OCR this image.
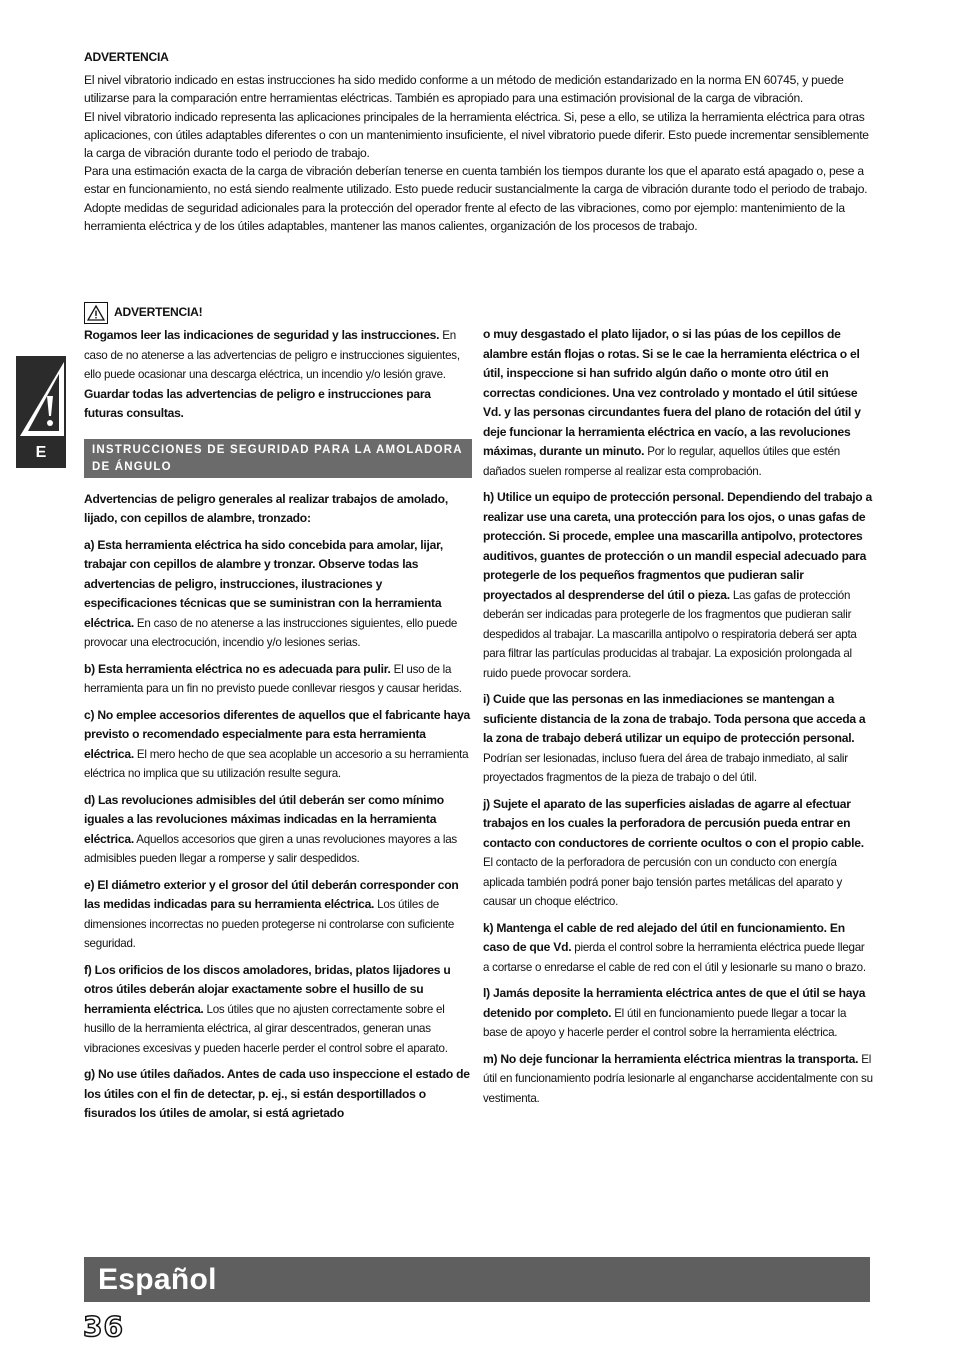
ADVERTENCIA

El nivel vibratorio indicado en estas instrucciones ha sido medido conforme a un método de medición estandarizado en la norma EN 60745, y puede utilizarse para la comparación entre herramientas eléctricas. También es apropiado para una estimación provisional de la carga de vibración.

El nivel vibratorio indicado representa las aplicaciones principales de la herramienta eléctrica. Si, pese a ello, se utiliza la herramienta eléctrica para otras aplicaciones, con útiles adaptables diferentes o con un mantenimiento insuficiente, el nivel vibratorio puede diferir. Esto puede incrementar sensiblemente la carga de vibración durante todo el periodo de trabajo.

Para una estimación exacta de la carga de vibración deberían tenerse en cuenta también los tiempos durante los que el aparato está apagado o, pese a estar en funcionamiento, no está siendo realmente utilizado. Esto puede reducir sustancialmente la carga de vibración durante todo el periodo de trabajo.

Adopte medidas de seguridad adicionales para la protección del operador frente al efecto de las vibraciones, como por ejemplo: mantenimiento de la herramienta eléctrica y de los útiles adaptables, mantener las manos calientes, organización de los procesos de trabajo.

E
ADVERTENCIA!

Rogamos leer las indicaciones de seguridad y las instrucciones. En caso de no atenerse a las advertencias de peligro e instrucciones siguientes, ello puede ocasionar una descarga eléctrica, un incendio y/o lesión grave.

Guardar todas las advertencias de peligro e instrucciones para futuras consultas.

INSTRUCCIONES DE SEGURIDAD PARA LA AMOLADORA DE ÁNGULO

Advertencias de peligro generales al realizar trabajos de amolado, lijado, con cepillos de alambre, tronzado:

a) Esta herramienta eléctrica ha sido concebida para amolar, lijar, trabajar con cepillos de alambre y tronzar. Observe todas las advertencias de peligro, instrucciones, ilustraciones y especificaciones técnicas que se suministran con la herramienta eléctrica. En caso de no atenerse a las instrucciones siguientes, ello puede provocar una electrocución, incendio y/o lesiones serias.

b) Esta herramienta eléctrica no es adecuada para pulir. El uso de la herramienta para un fin no previsto puede conllevar riesgos y causar heridas.

c) No emplee accesorios diferentes de aquellos que el fabricante haya previsto o recomendado especialmente para esta herramienta eléctrica. El mero hecho de que sea acoplable un accesorio a su herramienta eléctrica no implica que su utilización resulte segura.

d) Las revoluciones admisibles del útil deberán ser como mínimo iguales a las revoluciones máximas indicadas en la herramienta eléctrica. Aquellos accesorios que giren a unas revoluciones mayores a las admisibles pueden llegar a romperse y salir despedidos.

e) El diámetro exterior y el grosor del útil deberán corresponder con las medidas indicadas para su herramienta eléctrica. Los útiles de dimensiones incorrectas no pueden protegerse ni controlarse con suficiente seguridad.

f) Los orificios de los discos amoladores, bridas, platos lijadores u otros útiles deberán alojar exactamente sobre el husillo de su herramienta eléctrica. Los útiles que no ajusten correctamente sobre el husillo de la herramienta eléctrica, al girar descentrados, generan unas vibraciones excesivas y pueden hacerle perder el control sobre el aparato.

g) No use útiles dañados. Antes de cada uso inspeccione el estado de los útiles con el fin de detectar, p. ej., si están desportillados o fisurados los útiles de amolar, si está agrietado

o muy desgastado el plato lijador, o si las púas de los cepillos de alambre están flojas o rotas. Si se le cae la herramienta eléctrica o el útil, inspeccione si han sufrido algún daño o monte otro útil en correctas condiciones. Una vez controlado y montado el útil sitúese Vd. y las personas circundantes fuera del plano de rotación del útil y deje funcionar la herramienta eléctrica en vacío, a las revoluciones máximas, durante un minuto. Por lo regular, aquellos útiles que estén dañados suelen romperse al realizar esta comprobación.

h) Utilice un equipo de protección personal. Dependiendo del trabajo a realizar use una careta, una protección para los ojos, o unas gafas de protección. Si procede, emplee una mascarilla antipolvo, protectores auditivos, guantes de protección o un mandil especial adecuado para protegerle de los pequeños fragmentos que pudieran salir proyectados al desprenderse del útil o pieza. Las gafas de protección deberán ser indicadas para protegerle de los fragmentos que pudieran salir despedidos al trabajar. La mascarilla antipolvo o respiratoria deberá ser apta para filtrar las partículas producidas al trabajar. La exposición prolongada al ruido puede provocar sordera.

i) Cuide que las personas en las inmediaciones se mantengan a suficiente distancia de la zona de trabajo. Toda persona que acceda a la zona de trabajo deberá utilizar un equipo de protección personal. Podrían ser lesionadas, incluso fuera del área de trabajo inmediato, al salir proyectados fragmentos de la pieza de trabajo o del útil.

j) Sujete el aparato de las superficies aisladas de agarre al efectuar trabajos en los cuales la perforadora de percusión pueda entrar en contacto con conductores de corriente ocultos o con el propio cable. El contacto de la perforadora de percusión con un conducto con energía aplicada también podrá poner bajo tensión partes metálicas del aparato y causar un choque eléctrico.

k) Mantenga el cable de red alejado del útil en funcionamiento. En caso de que Vd. pierda el control sobre la herramienta eléctrica puede llegar a cortarse o enredarse el cable de red con el útil y lesionarle su mano o brazo.

l) Jamás deposite la herramienta eléctrica antes de que el útil se haya detenido por completo. El útil en funcionamiento puede llegar a tocar la base de apoyo y hacerle perder el control sobre la herramienta eléctrica.

m) No deje funcionar la herramienta eléctrica mientras la transporta. El útil en funcionamiento podría lesionarle al engancharse accidentalmente con su vestimenta.

Español
36
